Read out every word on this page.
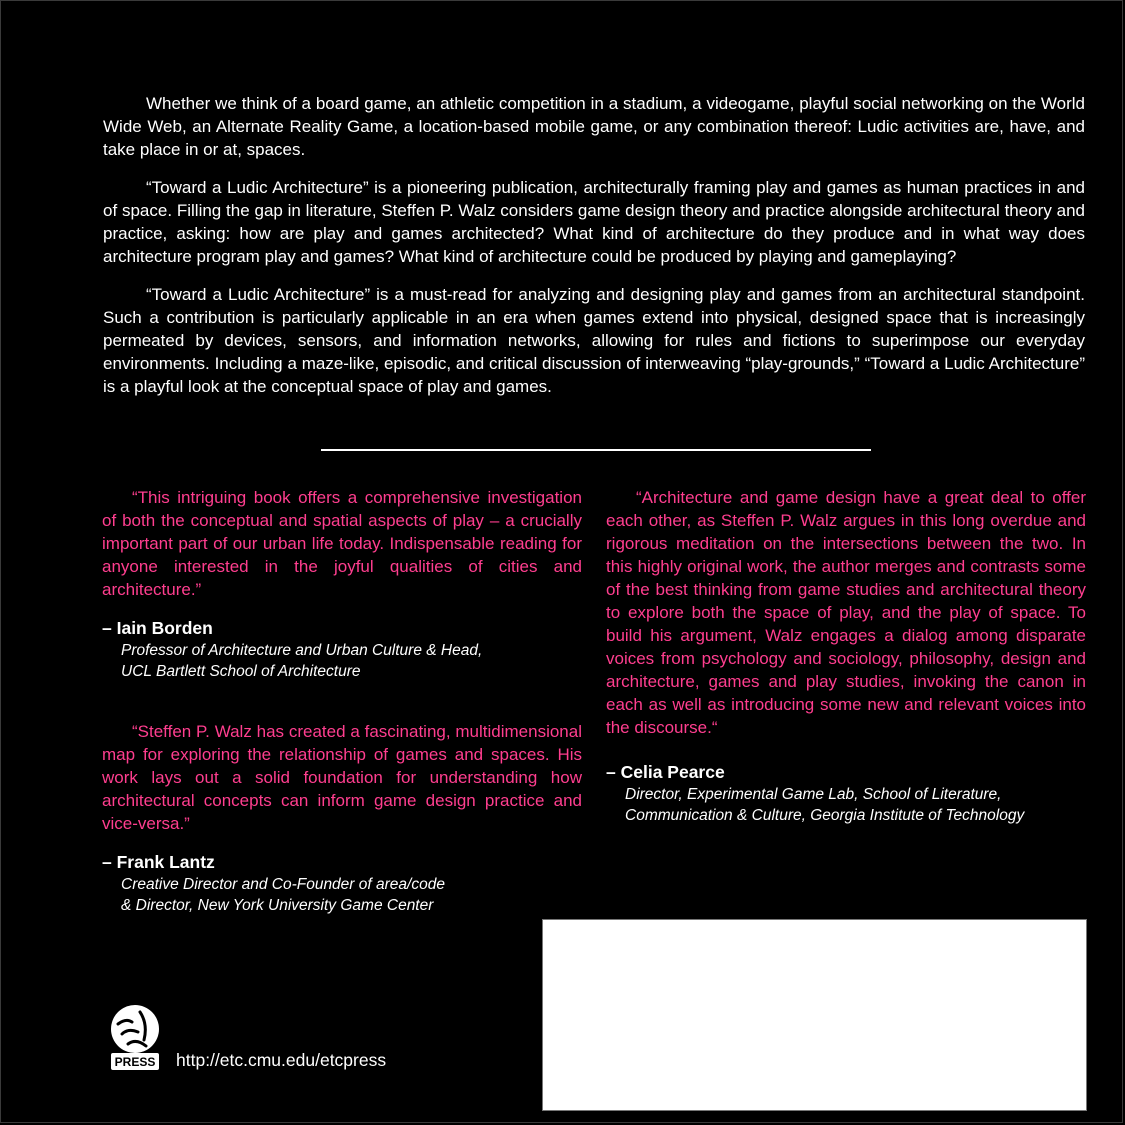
Whether we think of a board game, an athletic competition in a stadium, a videogame, playful social networking on the World Wide Web, an Alternate Reality Game, a location-based mobile game, or any combination thereof: Ludic activities are, have, and take place in or at, spaces.

“Toward a Ludic Architecture” is a pioneering publication, architecturally framing play and games as human practices in and of space. Filling the gap in literature, Steffen P. Walz considers game design theory and practice alongside architectural theory and practice, asking: how are play and games architected? What kind of architecture do they produce and in what way does architecture program play and games? What kind of architecture could be produced by playing and gameplaying?

“Toward a Ludic Architecture” is a must-read for analyzing and designing play and games from an architectural standpoint. Such a contribution is particularly applicable in an era when games extend into physical, designed space that is increasingly permeated by devices, sensors, and information networks, allowing for rules and fictions to superimpose our everyday environments. Including a maze-like, episodic, and critical discussion of interweaving “play-grounds,” “Toward a Ludic Architecture” is a playful look at the conceptual space of play and games.

“This intriguing book offers a comprehensive investigation of both the conceptual and spatial aspects of play – a crucially important part of our urban life today. Indispensable reading for anyone interested in the joyful qualities of cities and architecture.”

– Iain Borden
Professor of Architecture and Urban Culture & Head,
UCL Bartlett School of Architecture

“Steffen P. Walz has created a fascinating, multidimensional map for exploring the relationship of games and spaces. His work lays out a solid foundation for understanding how architectural concepts can inform game design practice and vice-versa.”

– Frank Lantz
Creative Director and Co-Founder of area/code
& Director, New York University Game Center

“Architecture and game design have a great deal to offer each other, as Steffen P. Walz argues in this long overdue and rigorous meditation on the intersections between the two. In this highly original work, the author merges and contrasts some of the best thinking from game studies and architectural theory to explore both the space of play, and the play of space. To build his argument, Walz engages a dialog among disparate voices from psychology and sociology, philosophy, design and architecture, games and play studies, invoking the canon in each as well as introducing some new and relevant voices into the discourse.“

– Celia Pearce
Director, Experimental Game Lab, School of Literature,
Communication & Culture, Georgia Institute of Technology
PRESS http://etc.cmu.edu/etcpress
